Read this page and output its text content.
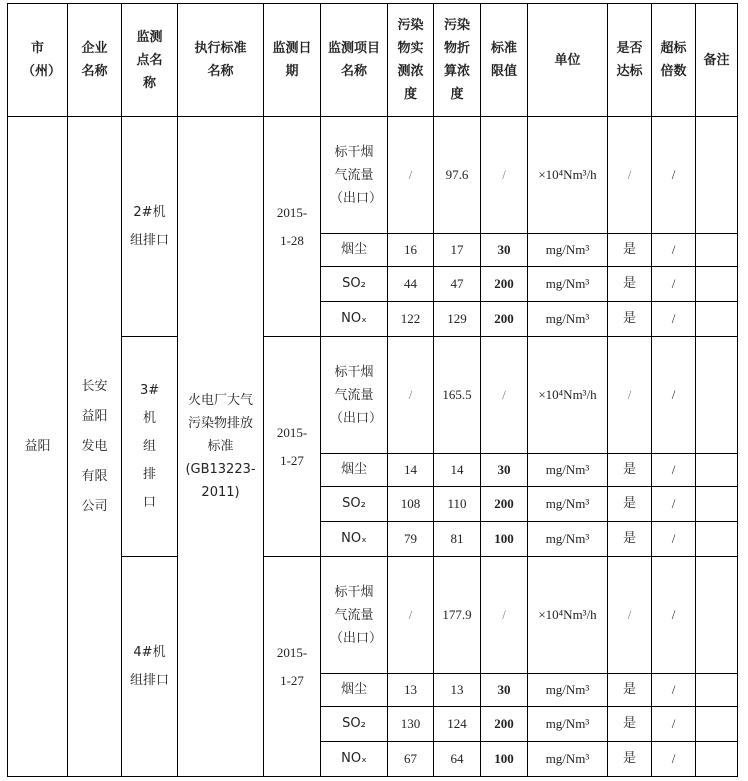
市（州）	企业名称	监测点名称	执行标准名称	监测日期	监测项目名称	污染物实测浓度	污染物折算浓度	标准限值	单位	是否达标	超标倍数	备注
益阳	长安益阳发电有限公司	2#机组排口	火电厂大气污染物排放标准(GB13223-2011)	2015-1-28	标干烟气流量（出口）	/	97.6	/	×10⁴Nm³/h	/	/	
					烟尘	16	17	30	mg/Nm³	是	/	
					SO₂	44	47	200	mg/Nm³	是	/	
					NOₓ	122	129	200	mg/Nm³	是	/	
		3#机组排口		2015-1-27	标干烟气流量（出口）	/	165.5	/	×10⁴Nm³/h	/	/	
					烟尘	14	14	30	mg/Nm³	是	/	
					SO₂	108	110	200	mg/Nm³	是	/	
					NOₓ	79	81	100	mg/Nm³	是	/	
		4#机组排口		2015-1-27	标干烟气流量（出口）	/	177.9	/	×10⁴Nm³/h	/	/	
					烟尘	13	13	30	mg/Nm³	是	/	
					SO₂	130	124	200	mg/Nm³	是	/	
					NOₓ	67	64	100	mg/Nm³	是	/	
